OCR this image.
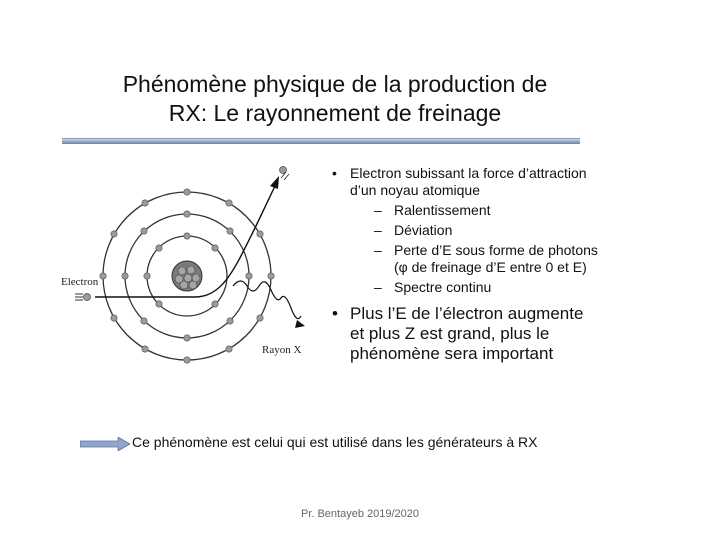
Phénomène physique de la production de
RX: Le rayonnement de freinage
Electron
Rayon X
• Electron subissant la force d’attraction d’un noyau atomique
– Ralentissement
– Déviation
– Perte d’E sous forme de photons (φ de freinage d’E entre 0 et E)
– Spectre continu
• Plus l’E de l’électron augmente et plus Z est grand, plus le phénomène sera important
Ce phénomène est celui qui est utilisé dans les générateurs à RX
Pr. Bentayeb 2019/2020
